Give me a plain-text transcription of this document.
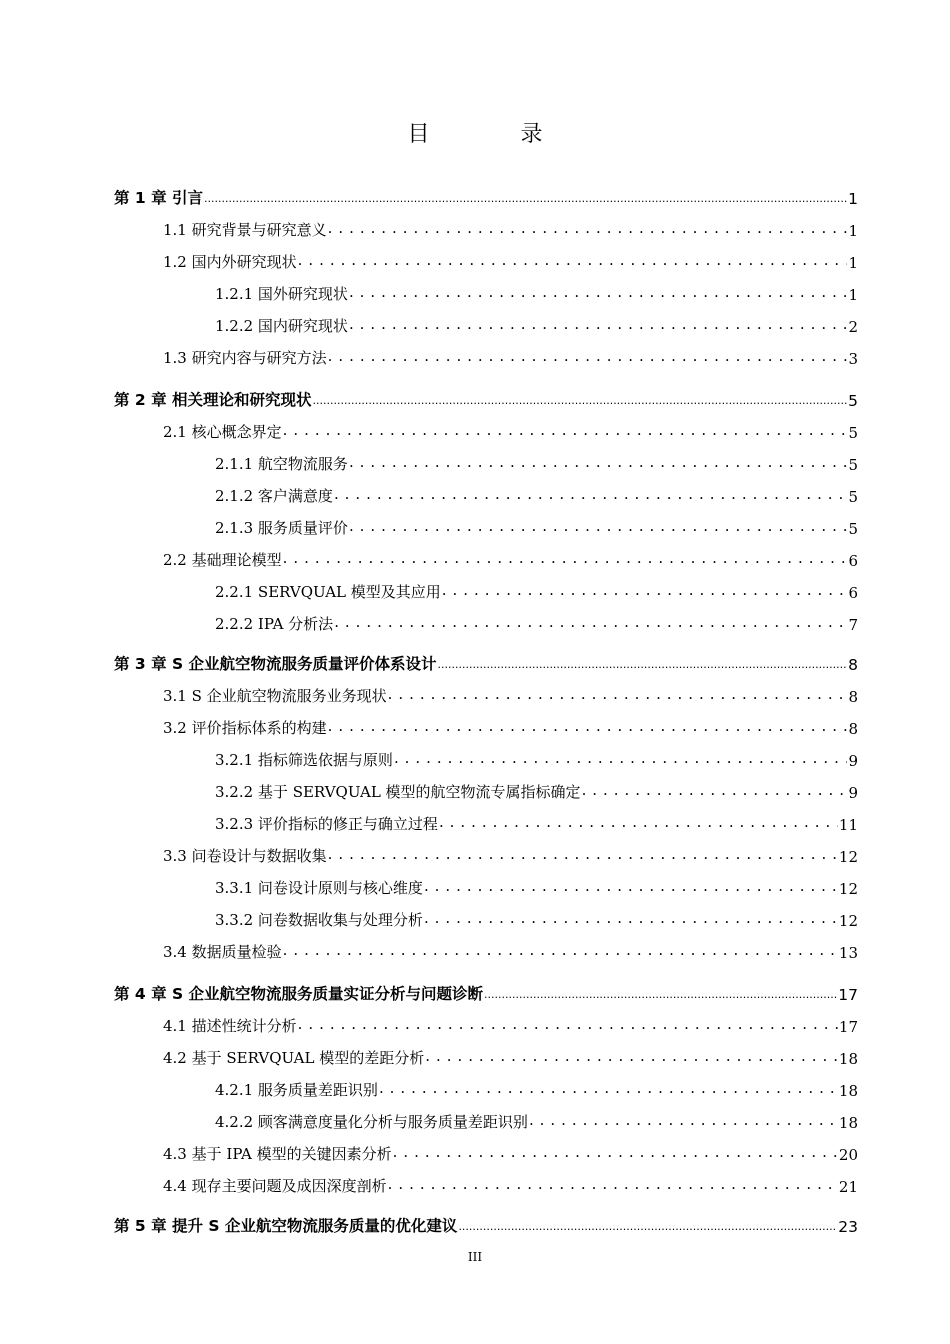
目 录
第 1 章 引言 .....	1
1.1 研究背景与研究意义 . . .	1
1.2 国内外研究现状 . . .	1
1.2.1 国外研究现状 . . .	1
1.2.2 国内研究现状 . . .	2
1.3 研究内容与研究方法 . . .	3
第 2 章 相关理论和研究现状 .....	5
2.1 核心概念界定 . . .	5
2.1.1 航空物流服务 . . .	5
2.1.2 客户满意度 . . .	5
2.1.3 服务质量评价 . . .	5
2.2 基础理论模型 . . .	6
2.2.1 SERVQUAL 模型及其应用 . . .	6
2.2.2 IPA 分析法 . . .	7
第 3 章 S 企业航空物流服务质量评价体系设计 .....	8
3.1 S 企业航空物流服务业务现状 . . .	8
3.2 评价指标体系的构建 . . .	8
3.2.1 指标筛选依据与原则 . . .	9
3.2.2 基于 SERVQUAL 模型的航空物流专属指标确定 . . .	9
3.2.3 评价指标的修正与确立过程 . . .	11
3.3 问卷设计与数据收集 . . .	12
3.3.1 问卷设计原则与核心维度 . . .	12
3.3.2 问卷数据收集与处理分析 . . .	12
3.4 数据质量检验 . . .	13
第 4 章 S 企业航空物流服务质量实证分析与问题诊断 .....	17
4.1 描述性统计分析 . . .	17
4.2 基于 SERVQUAL 模型的差距分析 . . .	18
4.2.1 服务质量差距识别 . . .	18
4.2.2 顾客满意度量化分析与服务质量差距识别 . . .	18
4.3 基于 IPA 模型的关键因素分析 . . .	20
4.4 现存主要问题及成因深度剖析 . . .	21
第 5 章 提升 S 企业航空物流服务质量的优化建议 .....	23
III
